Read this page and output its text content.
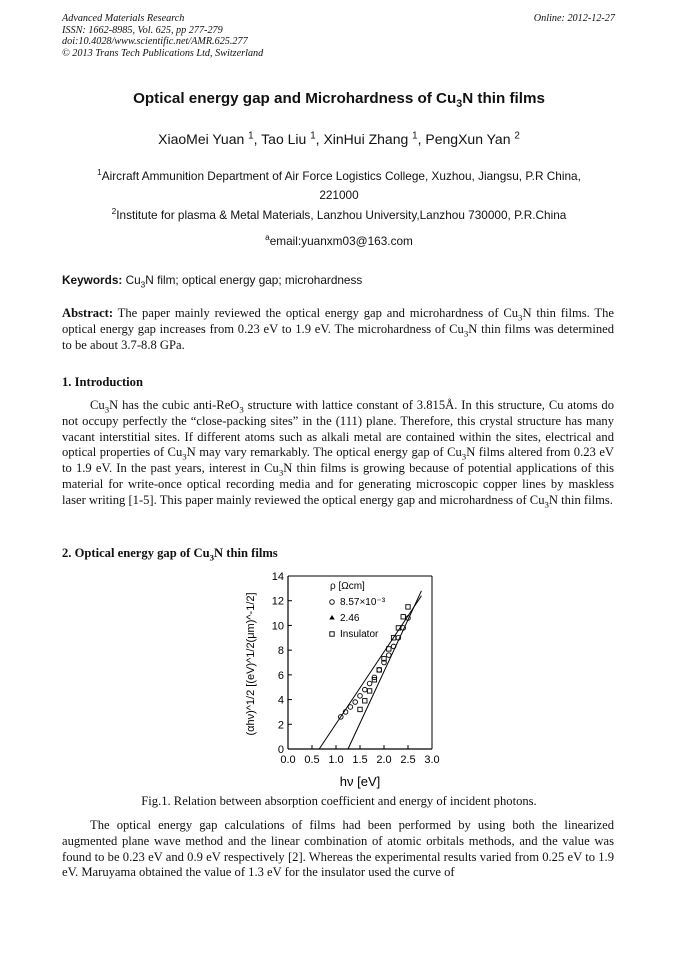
Advanced Materials Research
ISSN: 1662-8985, Vol. 625, pp 277-279
doi:10.4028/www.scientific.net/AMR.625.277
© 2013 Trans Tech Publications Ltd, Switzerland
Online: 2012-12-27
Optical energy gap and Microhardness of $Cu_3N$ thin films
XiaoMei Yuan $^1$, Tao Liu $^1$, XinHui Zhang $^1$, PengXun Yan $^2$
$^1$Aircraft Ammunition Department of Air Force Logistics College, Xuzhou, Jiangsu, P.R China, 221000
$^2$Institute for plasma & Metal Materials, Lanzhou University,Lanzhou 730000, P.R.China
$^a$email:yuanxm03@163.com
Keywords: $Cu_3N$ film; optical energy gap; microhardness
Abstract: The paper mainly reviewed the optical energy gap and microhardness of $Cu_3N$ thin films. The optical energy gap increases from 0.23 eV to 1.9 eV. The microhardness of $Cu_3N$ thin films was determined to be about 3.7-8.8 GPa.
1. Introduction
$Cu_3N$ has the cubic anti-ReO$_3$ structure with lattice constant of 3.815Å. In this structure, Cu atoms do not occupy perfectly the “close-packing sites” in the (111) plane. Therefore, this crystal structure has many vacant interstitial sites. If different atoms such as alkali metal are contained within the sites, electrical and optical properties of $Cu_3N$ may vary remarkably. The optical energy gap of $Cu_3N$ films altered from 0.23 eV to 1.9 eV. In the past years, interest in $Cu_3N$ thin films is growing because of potential applications of this material for write-once optical recording media and for generating microscopic copper lines by maskless laser writing [1-5]. This paper mainly reviewed the optical energy gap and microhardness of $Cu_3N$ thin films.
2. Optical energy gap of $Cu_3N$ thin films
0
2
4
6
8
10
12
14
0.0 0.5 1.0 1.5 2.0 2.5 3.0
ρ [Ωcm]
8.57×10⁻³
2.46
Insulator
hν [eV]
(αhν)^1/2 [(eV)^1/2(μm)^-1/2]
Fig.1. Relation between absorption coefficient and energy of incident photons.
The optical energy gap calculations of films had been performed by using both the linearized augmented plane wave method and the linear combination of atomic orbitals methods, and the value was found to be 0.23 eV and 0.9 eV respectively [2]. Whereas the experimental results varied from 0.25 eV to 1.9 eV. Maruyama obtained the value of 1.3 eV for the insulator used the curve of
